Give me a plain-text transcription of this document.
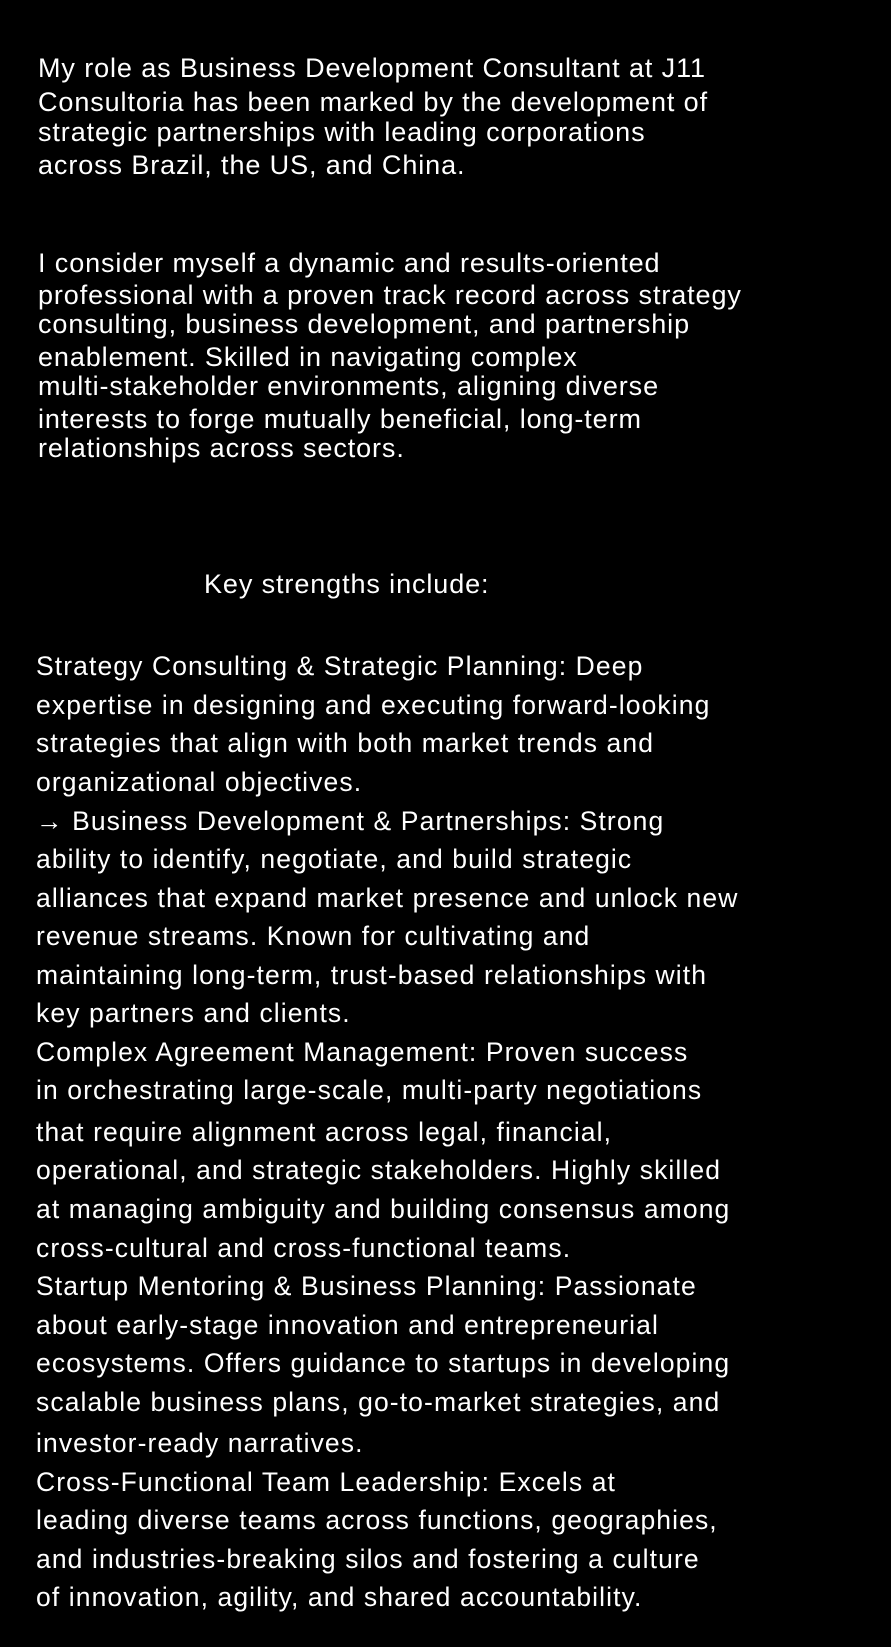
My role as Business Development Consultant at J11
Consultoria has been marked by the development of
strategic partnerships with leading corporations
across Brazil, the US, and China.
I consider myself a dynamic and results-oriented
professional with a proven track record across strategy
consulting, business development, and partnership
enablement. Skilled in navigating complex
multi-stakeholder environments, aligning diverse
interests to forge mutually beneficial, long-term
relationships across sectors.
Key strengths include:
Strategy Consulting & Strategic Planning: Deep
expertise in designing and executing forward-looking
strategies that align with both market trends and
organizational objectives.
→ Business Development & Partnerships: Strong
ability to identify, negotiate, and build strategic
alliances that expand market presence and unlock new
revenue streams. Known for cultivating and
maintaining long-term, trust-based relationships with
key partners and clients.
Complex Agreement Management: Proven success
in orchestrating large-scale, multi-party negotiations
that require alignment across legal, financial,
operational, and strategic stakeholders. Highly skilled
at managing ambiguity and building consensus among
cross-cultural and cross-functional teams.
Startup Mentoring & Business Planning: Passionate
about early-stage innovation and entrepreneurial
ecosystems. Offers guidance to startups in developing
scalable business plans, go-to-market strategies, and
investor-ready narratives.
Cross-Functional Team Leadership: Excels at
leading diverse teams across functions, geographies,
and industries-breaking silos and fostering a culture
of innovation, agility, and shared accountability.
